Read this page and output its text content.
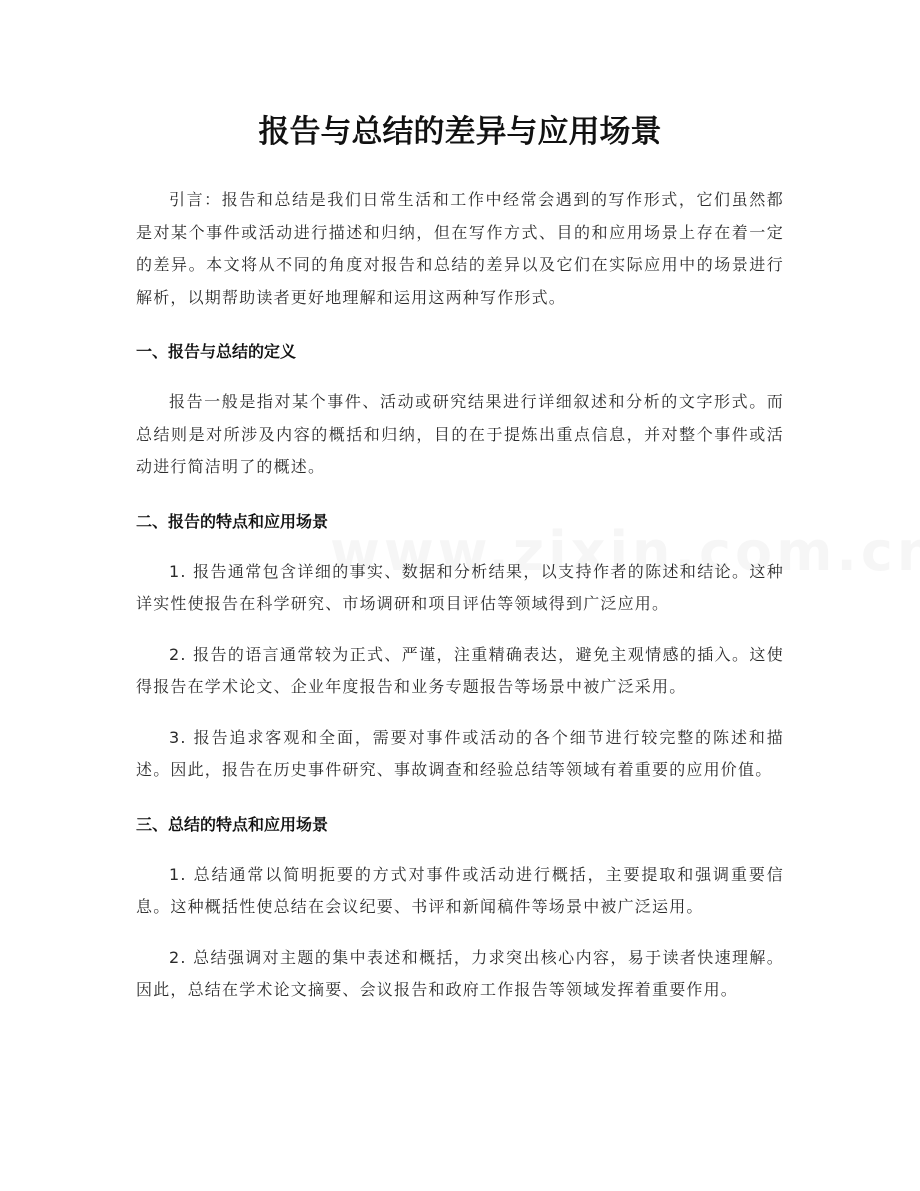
报告与总结的差异与应用场景

引言：报告和总结是我们日常生活和工作中经常会遇到的写作形式，它们虽然都是对某个事件或活动进行描述和归纳，但在写作方式、目的和应用场景上存在着一定的差异。本文将从不同的角度对报告和总结的差异以及它们在实际应用中的场景进行解析，以期帮助读者更好地理解和运用这两种写作形式。

一、报告与总结的定义

报告一般是指对某个事件、活动或研究结果进行详细叙述和分析的文字形式。而总结则是对所涉及内容的概括和归纳，目的在于提炼出重点信息，并对整个事件或活动进行简洁明了的概述。

二、报告的特点和应用场景

1. 报告通常包含详细的事实、数据和分析结果，以支持作者的陈述和结论。这种详实性使报告在科学研究、市场调研和项目评估等领域得到广泛应用。

2. 报告的语言通常较为正式、严谨，注重精确表达，避免主观情感的插入。这使得报告在学术论文、企业年度报告和业务专题报告等场景中被广泛采用。

3. 报告追求客观和全面，需要对事件或活动的各个细节进行较完整的陈述和描述。因此，报告在历史事件研究、事故调查和经验总结等领域有着重要的应用价值。

三、总结的特点和应用场景

1. 总结通常以简明扼要的方式对事件或活动进行概括，主要提取和强调重要信息。这种概括性使总结在会议纪要、书评和新闻稿件等场景中被广泛运用。

2. 总结强调对主题的集中表述和概括，力求突出核心内容，易于读者快速理解。因此，总结在学术论文摘要、会议报告和政府工作报告等领域发挥着重要作用。
